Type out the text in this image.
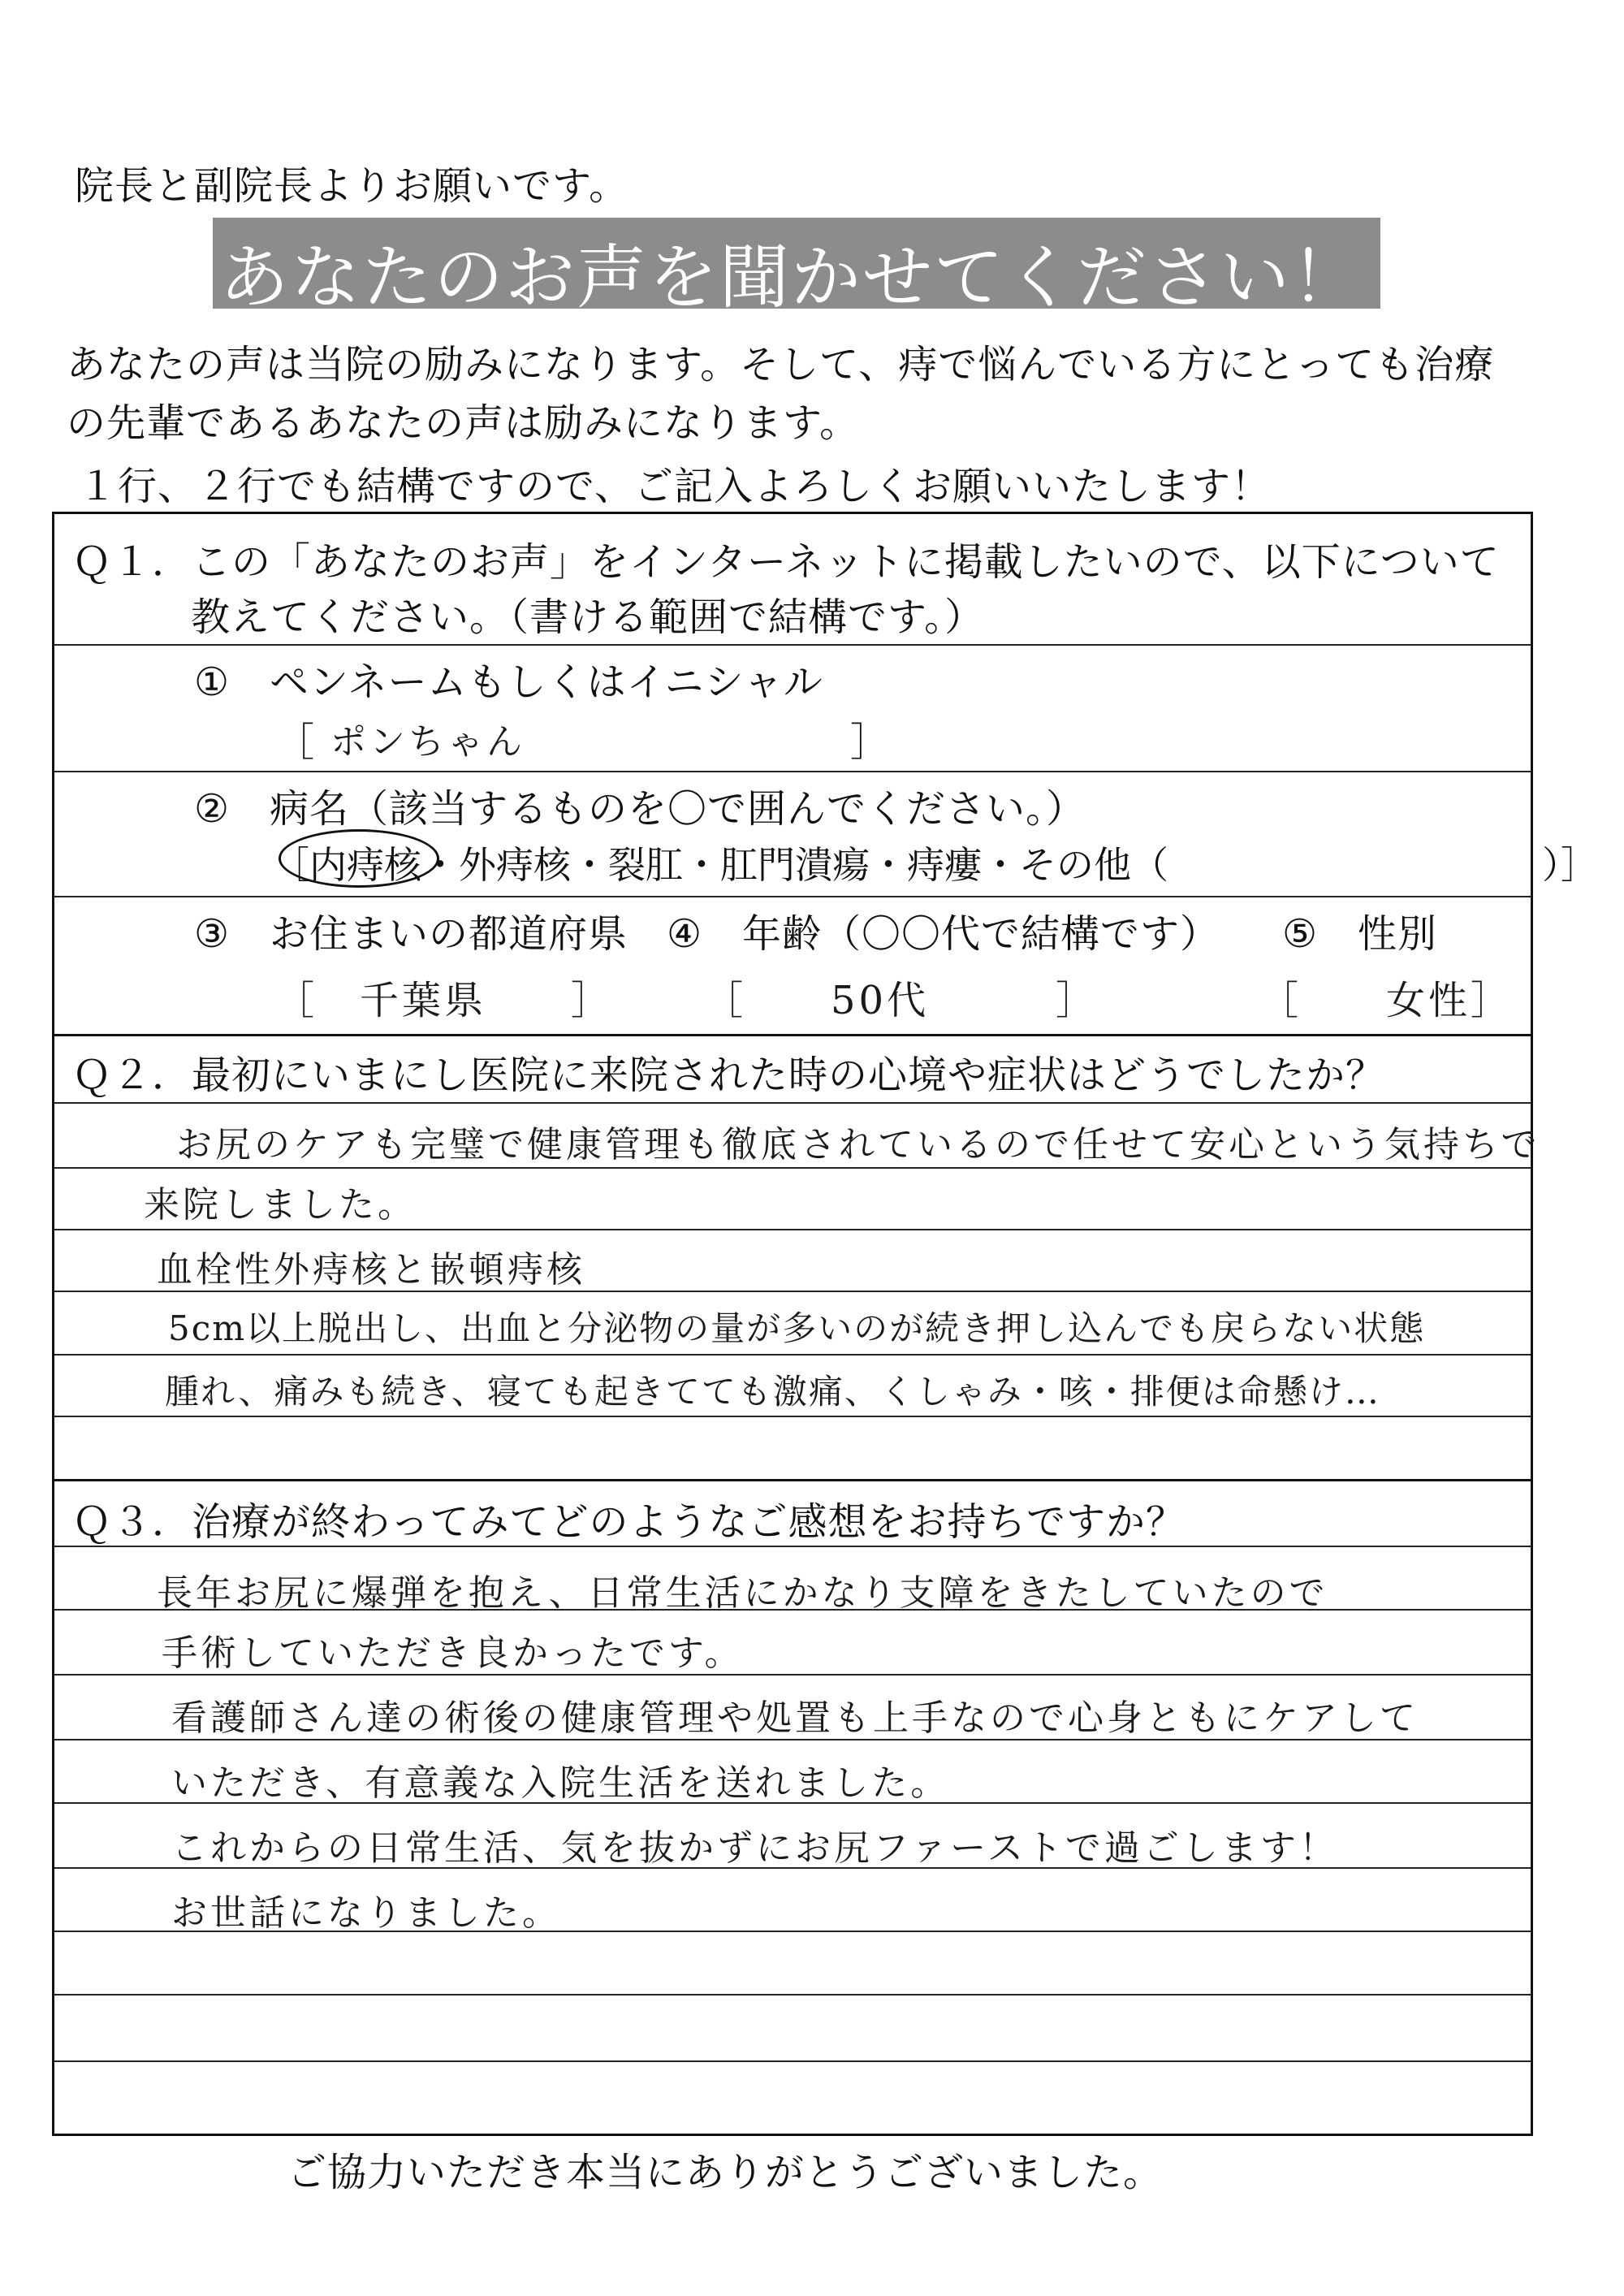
院長と副院長よりお願いです。
あなたのお声を聞かせてください！
あなたの声は当院の励みになります。そして、痔で悩んでいる方にとっても治療
の先輩であるあなたの声は励みになります。
１行、２行でも結構ですので、ご記入よろしくお願いいたします！
Ｑ１．この「あなたのお声」をインターネットに掲載したいので、以下について
教えてください。（書ける範囲で結構です。）
①　ペンネームもしくはイニシャル
［ ポンちゃん	］
②　病名（該当するものを〇で囲んでください。）
［内痔核・外痔核・裂肛・肛門潰瘍・痔瘻・その他（　　　　　　　　　　）］
③　お住まいの都道府県 ④　年齢（〇〇代で結構です） ⑤　性別
［　千葉県　　］ ［　　50代　　　］	［　　女性］
Ｑ２．最初にいまにし医院に来院された時の心境や症状はどうでしたか？
お尻のケアも完璧で健康管理も徹底されているので任せて安心という気持ちで
来院しました。
血栓性外痔核と嵌頓痔核
5cm以上脱出し、出血と分泌物の量が多いのが続き押し込んでも戻らない状態
腫れ、痛みも続き、寝ても起きてても激痛、くしゃみ・咳・排便は命懸け…
Ｑ３．治療が終わってみてどのようなご感想をお持ちですか？
長年お尻に爆弾を抱え、日常生活にかなり支障をきたしていたので
手術していただき良かったです。
看護師さん達の術後の健康管理や処置も上手なので心身ともにケアして
いただき、有意義な入院生活を送れました。
これからの日常生活、気を抜かずにお尻ファーストで過ごします！
お世話になりました。
ご協力いただき本当にありがとうございました。
